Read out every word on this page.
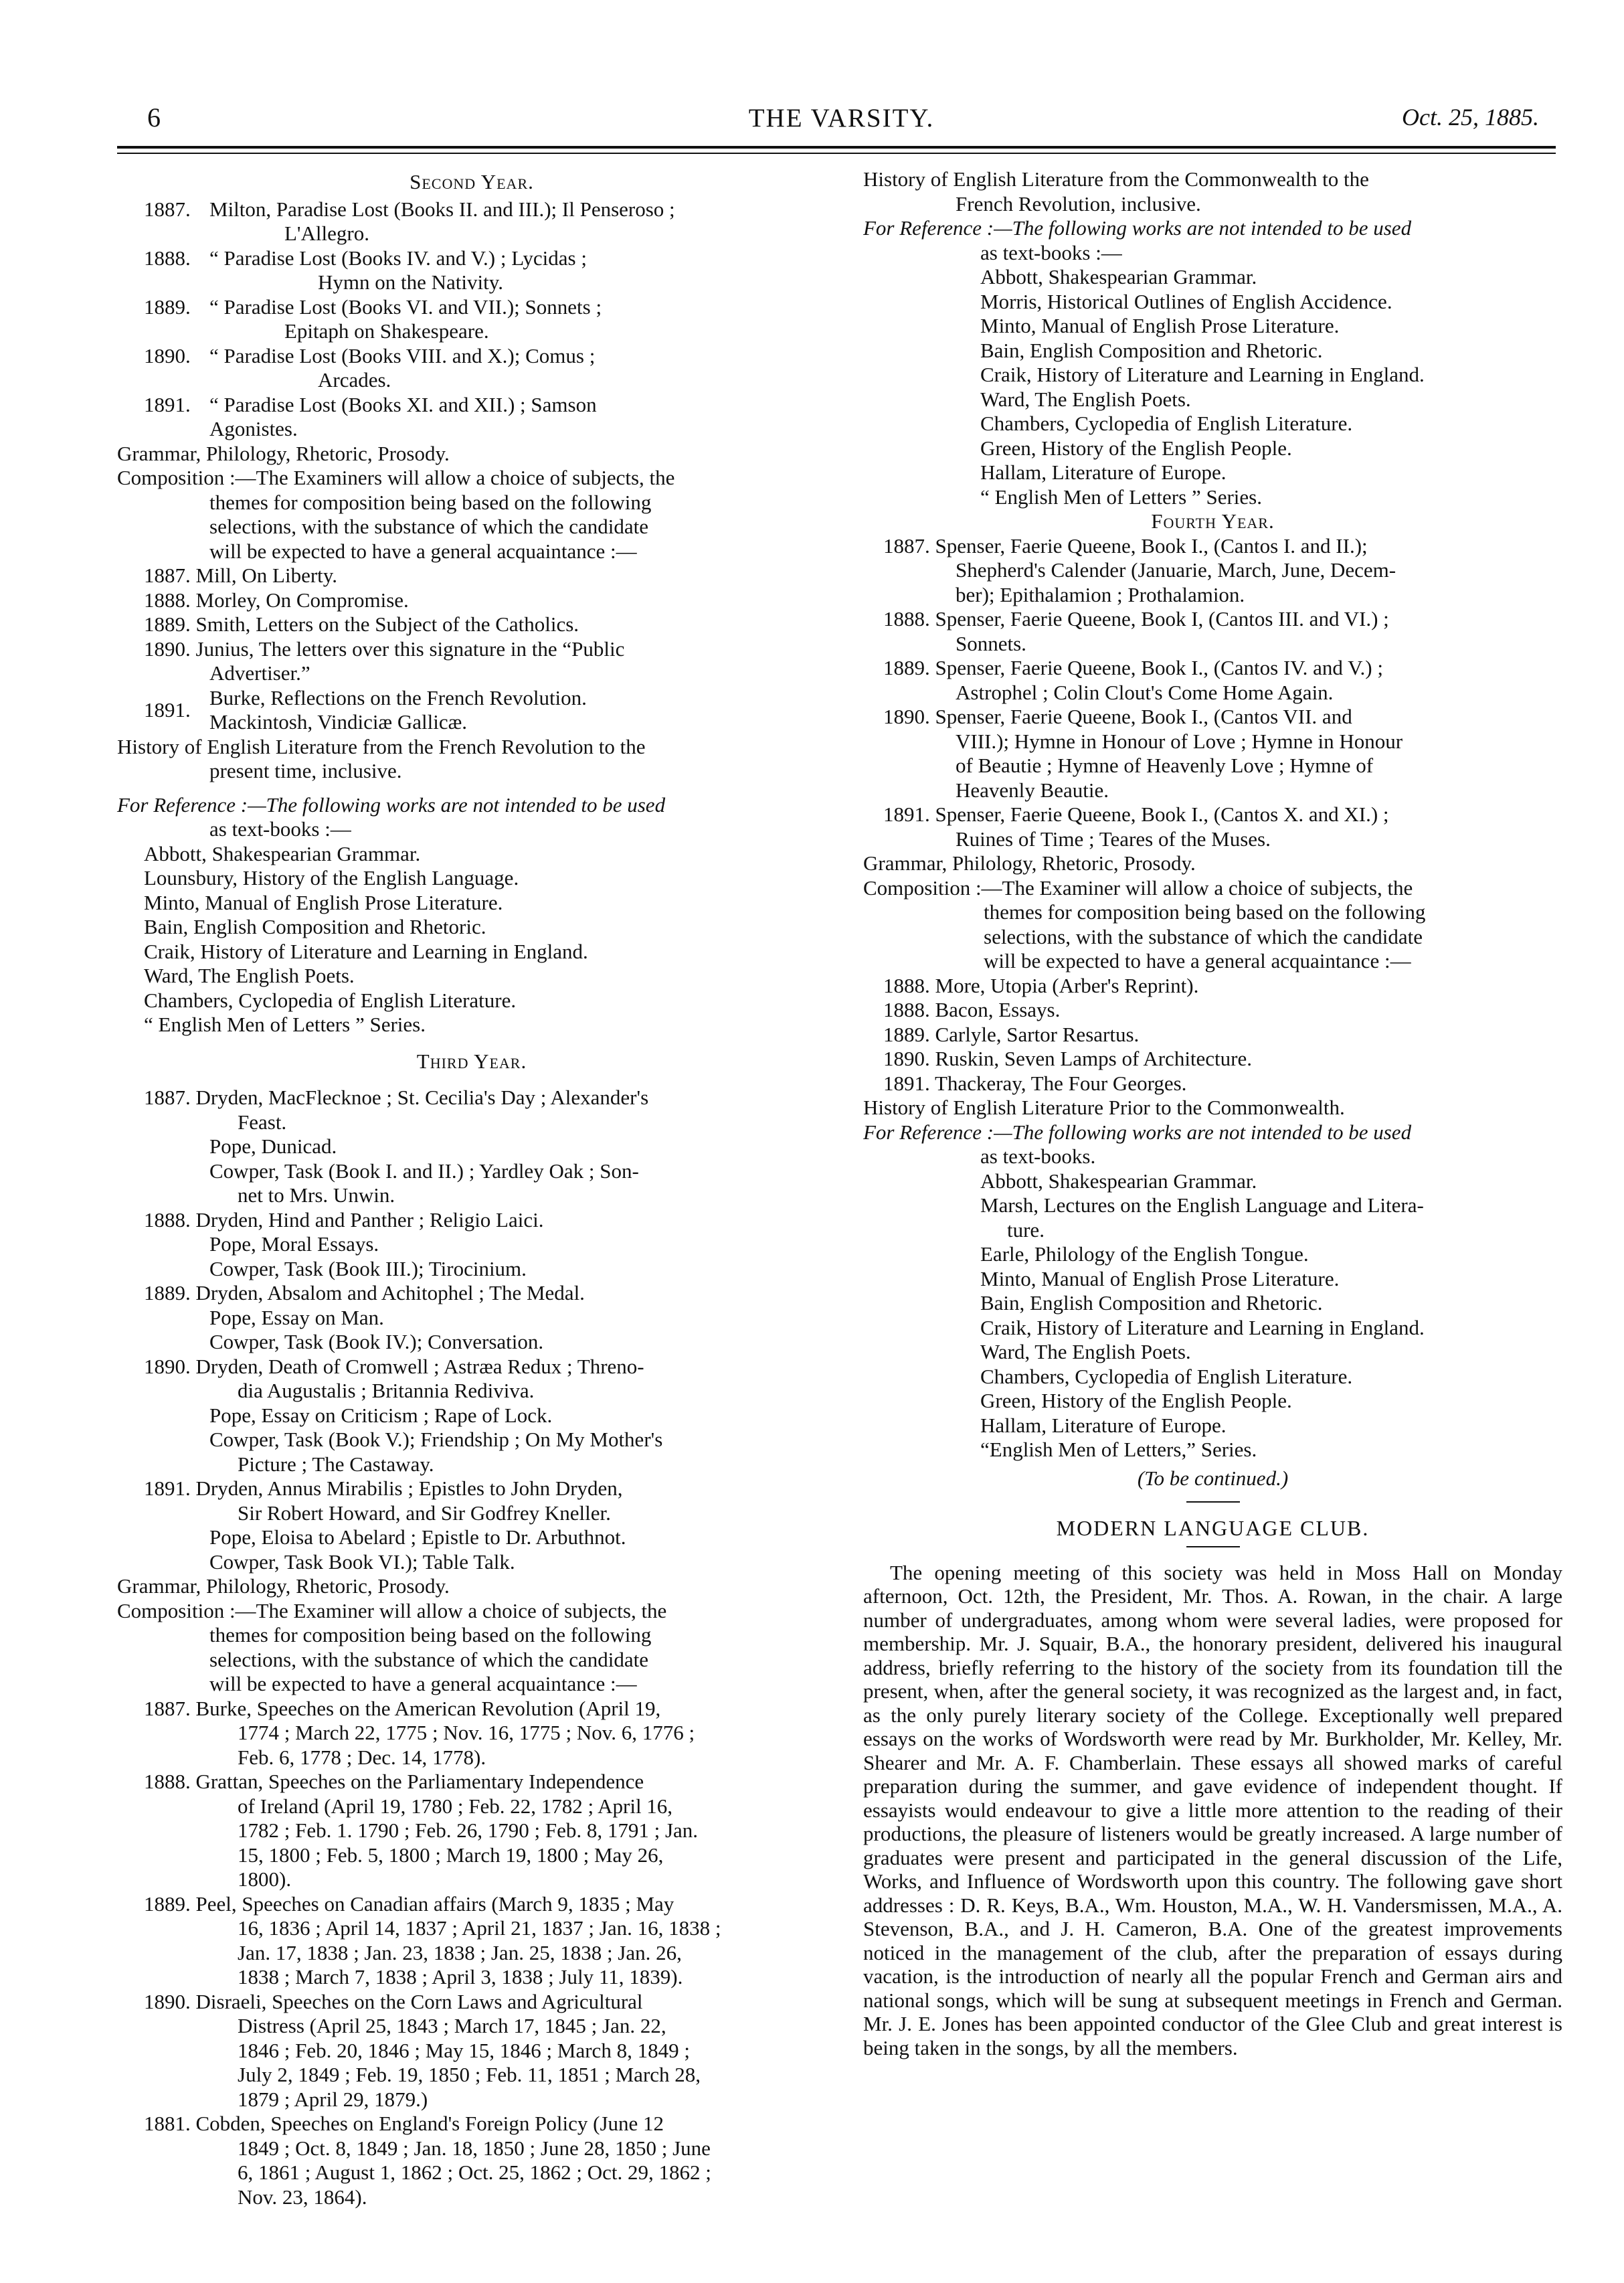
6	THE VARSITY.	Oct. 25, 1885.
Second Year.
1887. Milton, Paradise Lost (Books II. and III.); Il Penseroso ;
L'Allegro.
1888. “ Paradise Lost (Books IV. and V.) ; Lycidas ;
Hymn on the Nativity.
1889. “ Paradise Lost (Books VI. and VII.); Sonnets ;
Epitaph on Shakespeare.
1890. “ Paradise Lost (Books VIII. and X.); Comus ;
Arcades.
1891. “ Paradise Lost (Books XI. and XII.) ; Samson
Agonistes.
Grammar, Philology, Rhetoric, Prosody.
Composition :—The Examiners will allow a choice of subjects, the
themes for composition being based on the following
selections, with the substance of which the candidate
will be expected to have a general acquaintance :—
1887. Mill, On Liberty.
1888. Morley, On Compromise.
1889. Smith, Letters on the Subject of the Catholics.
1890. Junius, The letters over this signature in the “Public
Advertiser.”
1891.
Burke, Reflections on the French Revolution.
Mackintosh, Vindiciæ Gallicæ.
History of English Literature from the French Revolution to the
present time, inclusive.
For Reference :—The following works are not intended to be used
as text-books :—
Abbott, Shakespearian Grammar.
Lounsbury, History of the English Language.
Minto, Manual of English Prose Literature.
Bain, English Composition and Rhetoric.
Craik, History of Literature and Learning in England.
Ward, The English Poets.
Chambers, Cyclopedia of English Literature.
“ English Men of Letters ” Series.
Third Year.
1887. Dryden, MacFlecknoe ; St. Cecilia's Day ; Alexander's
Feast.
Pope, Dunicad.
Cowper, Task (Book I. and II.) ; Yardley Oak ; Son-
net to Mrs. Unwin.
1888. Dryden, Hind and Panther ; Religio Laici.
Pope, Moral Essays.
Cowper, Task (Book III.); Tirocinium.
1889. Dryden, Absalom and Achitophel ; The Medal.
Pope, Essay on Man.
Cowper, Task (Book IV.); Conversation.
1890. Dryden, Death of Cromwell ; Astræa Redux ; Threno-
dia Augustalis ; Britannia Rediviva.
Pope, Essay on Criticism ; Rape of Lock.
Cowper, Task (Book V.); Friendship ; On My Mother's
Picture ; The Castaway.
1891. Dryden, Annus Mirabilis ; Epistles to John Dryden,
Sir Robert Howard, and Sir Godfrey Kneller.
Pope, Eloisa to Abelard ; Epistle to Dr. Arbuthnot.
Cowper, Task Book VI.); Table Talk.
Grammar, Philology, Rhetoric, Prosody.
Composition :—The Examiner will allow a choice of subjects, the
themes for composition being based on the following
selections, with the substance of which the candidate
will be expected to have a general acquaintance :—
1887. Burke, Speeches on the American Revolution (April 19,
1774 ; March 22, 1775 ; Nov. 16, 1775 ; Nov. 6, 1776 ;
Feb. 6, 1778 ; Dec. 14, 1778).
1888. Grattan, Speeches on the Parliamentary Independence
of Ireland (April 19, 1780 ; Feb. 22, 1782 ; April 16,
1782 ; Feb. 1. 1790 ; Feb. 26, 1790 ; Feb. 8, 1791 ; Jan.
15, 1800 ; Feb. 5, 1800 ; March 19, 1800 ; May 26,
1800).
1889. Peel, Speeches on Canadian affairs (March 9, 1835 ; May
16, 1836 ; April 14, 1837 ; April 21, 1837 ; Jan. 16, 1838 ;
Jan. 17, 1838 ; Jan. 23, 1838 ; Jan. 25, 1838 ; Jan. 26,
1838 ; March 7, 1838 ; April 3, 1838 ; July 11, 1839).
1890. Disraeli, Speeches on the Corn Laws and Agricultural
Distress (April 25, 1843 ; March 17, 1845 ; Jan. 22,
1846 ; Feb. 20, 1846 ; May 15, 1846 ; March 8, 1849 ;
July 2, 1849 ; Feb. 19, 1850 ; Feb. 11, 1851 ; March 28,
1879 ; April 29, 1879.)
1881. Cobden, Speeches on England's Foreign Policy (June 12
1849 ; Oct. 8, 1849 ; Jan. 18, 1850 ; June 28, 1850 ; June
6, 1861 ; August 1, 1862 ; Oct. 25, 1862 ; Oct. 29, 1862 ;
Nov. 23, 1864).
History of English Literature from the Commonwealth to the
French Revolution, inclusive.
For Reference :—The following works are not intended to be used
as text-books :—
Abbott, Shakespearian Grammar.
Morris, Historical Outlines of English Accidence.
Minto, Manual of English Prose Literature.
Bain, English Composition and Rhetoric.
Craik, History of Literature and Learning in England.
Ward, The English Poets.
Chambers, Cyclopedia of English Literature.
Green, History of the English People.
Hallam, Literature of Europe.
“ English Men of Letters ” Series.
Fourth Year.
1887. Spenser, Faerie Queene, Book I., (Cantos I. and II.);
Shepherd's Calender (Januarie, March, June, Decem-
ber); Epithalamion ; Prothalamion.
1888. Spenser, Faerie Queene, Book I, (Cantos III. and VI.) ;
Sonnets.
1889. Spenser, Faerie Queene, Book I., (Cantos IV. and V.) ;
Astrophel ; Colin Clout's Come Home Again.
1890. Spenser, Faerie Queene, Book I., (Cantos VII. and
VIII.); Hymne in Honour of Love ; Hymne in Honour
of Beautie ; Hymne of Heavenly Love ; Hymne of
Heavenly Beautie.
1891. Spenser, Faerie Queene, Book I., (Cantos X. and XI.) ;
Ruines of Time ; Teares of the Muses.
Grammar, Philology, Rhetoric, Prosody.
Composition :—The Examiner will allow a choice of subjects, the
themes for composition being based on the following
selections, with the substance of which the candidate
will be expected to have a general acquaintance :—
1888. More, Utopia (Arber's Reprint).
1888. Bacon, Essays.
1889. Carlyle, Sartor Resartus.
1890. Ruskin, Seven Lamps of Architecture.
1891. Thackeray, The Four Georges.
History of English Literature Prior to the Commonwealth.
For Reference :—The following works are not intended to be used
as text-books.
Abbott, Shakespearian Grammar.
Marsh, Lectures on the English Language and Litera-
ture.
Earle, Philology of the English Tongue.
Minto, Manual of English Prose Literature.
Bain, English Composition and Rhetoric.
Craik, History of Literature and Learning in England.
Ward, The English Poets.
Chambers, Cyclopedia of English Literature.
Green, History of the English People.
Hallam, Literature of Europe.
“English Men of Letters,” Series.
(To be continued.)
MODERN LANGUAGE CLUB.
The opening meeting of this society was held in Moss Hall on Monday afternoon, Oct. 12th, the President, Mr. Thos. A. Rowan, in the chair. A large number of undergraduates, among whom were several ladies, were proposed for membership. Mr. J. Squair, B.A., the honorary president, delivered his inaugural address, briefly referring to the history of the society from its foundation till the present, when, after the general society, it was recognized as the largest and, in fact, as the only purely literary society of the College. Exceptionally well prepared essays on the works of Wordsworth were read by Mr. Burkholder, Mr. Kelley, Mr. Shearer and Mr. A. F. Chamberlain. These essays all showed marks of careful preparation during the summer, and gave evidence of independent thought. If essayists would endeavour to give a little more attention to the reading of their productions, the pleasure of listeners would be greatly increased. A large number of graduates were present and participated in the general discussion of the Life, Works, and Influence of Wordsworth upon this country. The following gave short addresses : D. R. Keys, B.A., Wm. Houston, M.A., W. H. Vandersmissen, M.A., A. Stevenson, B.A., and J. H. Cameron, B.A. One of the greatest improvements noticed in the management of the club, after the preparation of essays during vacation, is the introduction of nearly all the popular French and German airs and national songs, which will be sung at subsequent meetings in French and German. Mr. J. E. Jones has been appointed conductor of the Glee Club and great interest is being taken in the songs, by all the members.
